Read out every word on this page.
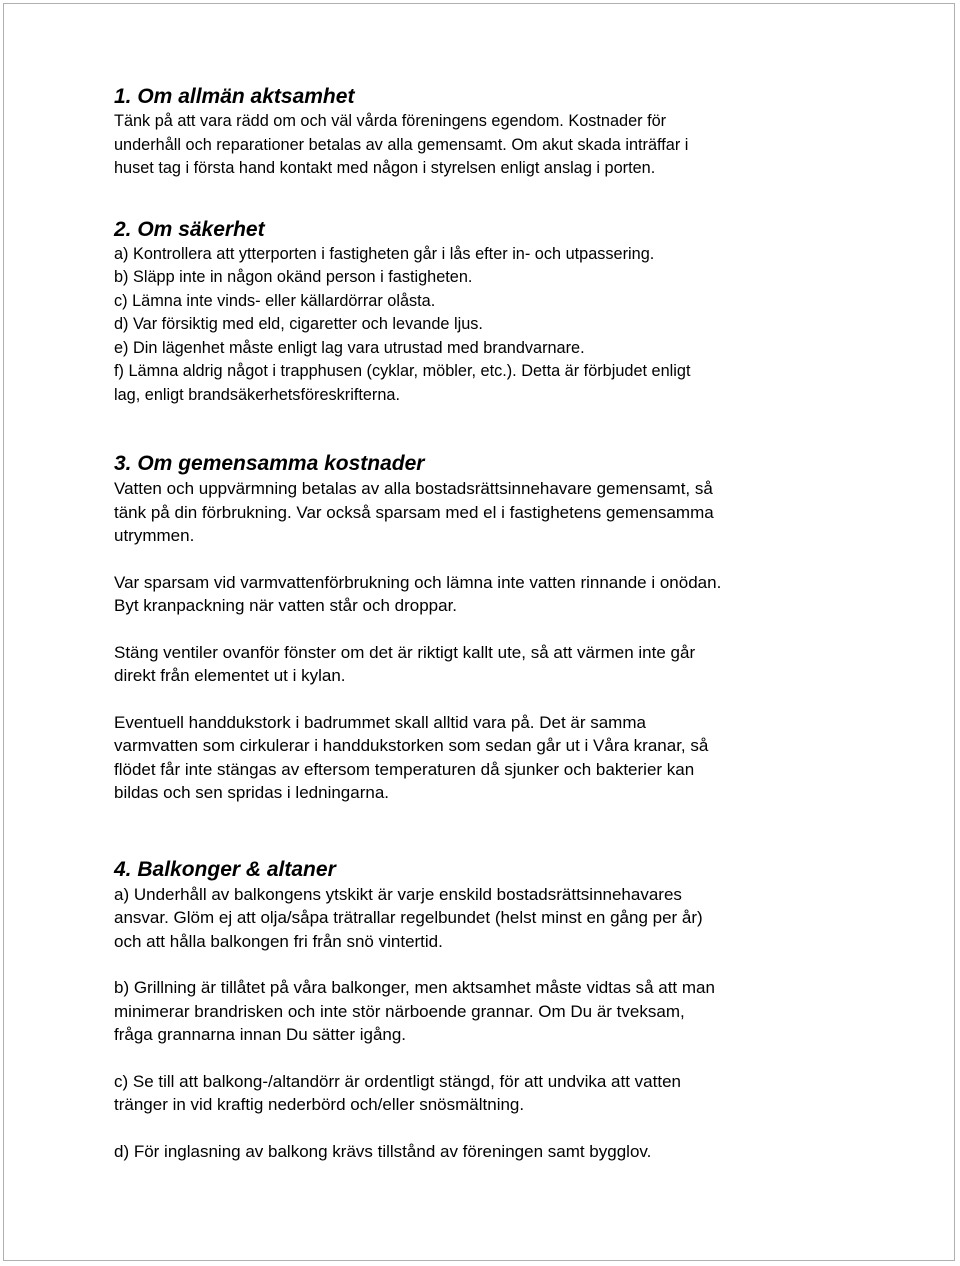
1. Om allmän aktsamhet

Tänk på att vara rädd om och väl vårda föreningens egendom. Kostnader för

underhåll och reparationer betalas av alla gemensamt. Om akut skada inträffar i

huset tag i första hand kontakt med någon i styrelsen enligt anslag i porten.

2. Om säkerhet

a) Kontrollera att ytterporten i fastigheten går i lås efter in- och utpassering.

b) Släpp inte in någon okänd person i fastigheten.

c) Lämna inte vinds- eller källardörrar olåsta.

d) Var försiktig med eld, cigaretter och levande ljus.

e) Din lägenhet måste enligt lag vara utrustad med brandvarnare.

f) Lämna aldrig något i trapphusen (cyklar, möbler, etc.). Detta är förbjudet enligt

lag, enligt brandsäkerhetsföreskrifterna.

3. Om gemensamma kostnader

Vatten och uppvärmning betalas av alla bostadsrättsinnehavare gemensamt, så

tänk på din förbrukning. Var också sparsam med el i fastighetens gemensamma

utrymmen.

Var sparsam vid varmvattenförbrukning och lämna inte vatten rinnande i onödan.

Byt kranpackning när vatten står och droppar.

Stäng ventiler ovanför fönster om det är riktigt kallt ute, så att värmen inte går

direkt från elementet ut i kylan.

Eventuell handdukstork i badrummet skall alltid vara på. Det är samma

varmvatten som cirkulerar i handdukstorken som sedan går ut i Våra kranar, så

flödet får inte stängas av eftersom temperaturen då sjunker och bakterier kan

bildas och sen spridas i ledningarna.

4. Balkonger & altaner

a) Underhåll av balkongens ytskikt är varje enskild bostadsrättsinnehavares

ansvar. Glöm ej att olja/såpa trätrallar regelbundet (helst minst en gång per år)

och att hålla balkongen fri från snö vintertid.

b) Grillning är tillåtet på våra balkonger, men aktsamhet måste vidtas så att man

minimerar brandrisken och inte stör närboende grannar. Om Du är tveksam,

fråga grannarna innan Du sätter igång.

c) Se till att balkong-/altandörr är ordentligt stängd, för att undvika att vatten

tränger in vid kraftig nederbörd och/eller snösmältning.

d) För inglasning av balkong krävs tillstånd av föreningen samt bygglov.
